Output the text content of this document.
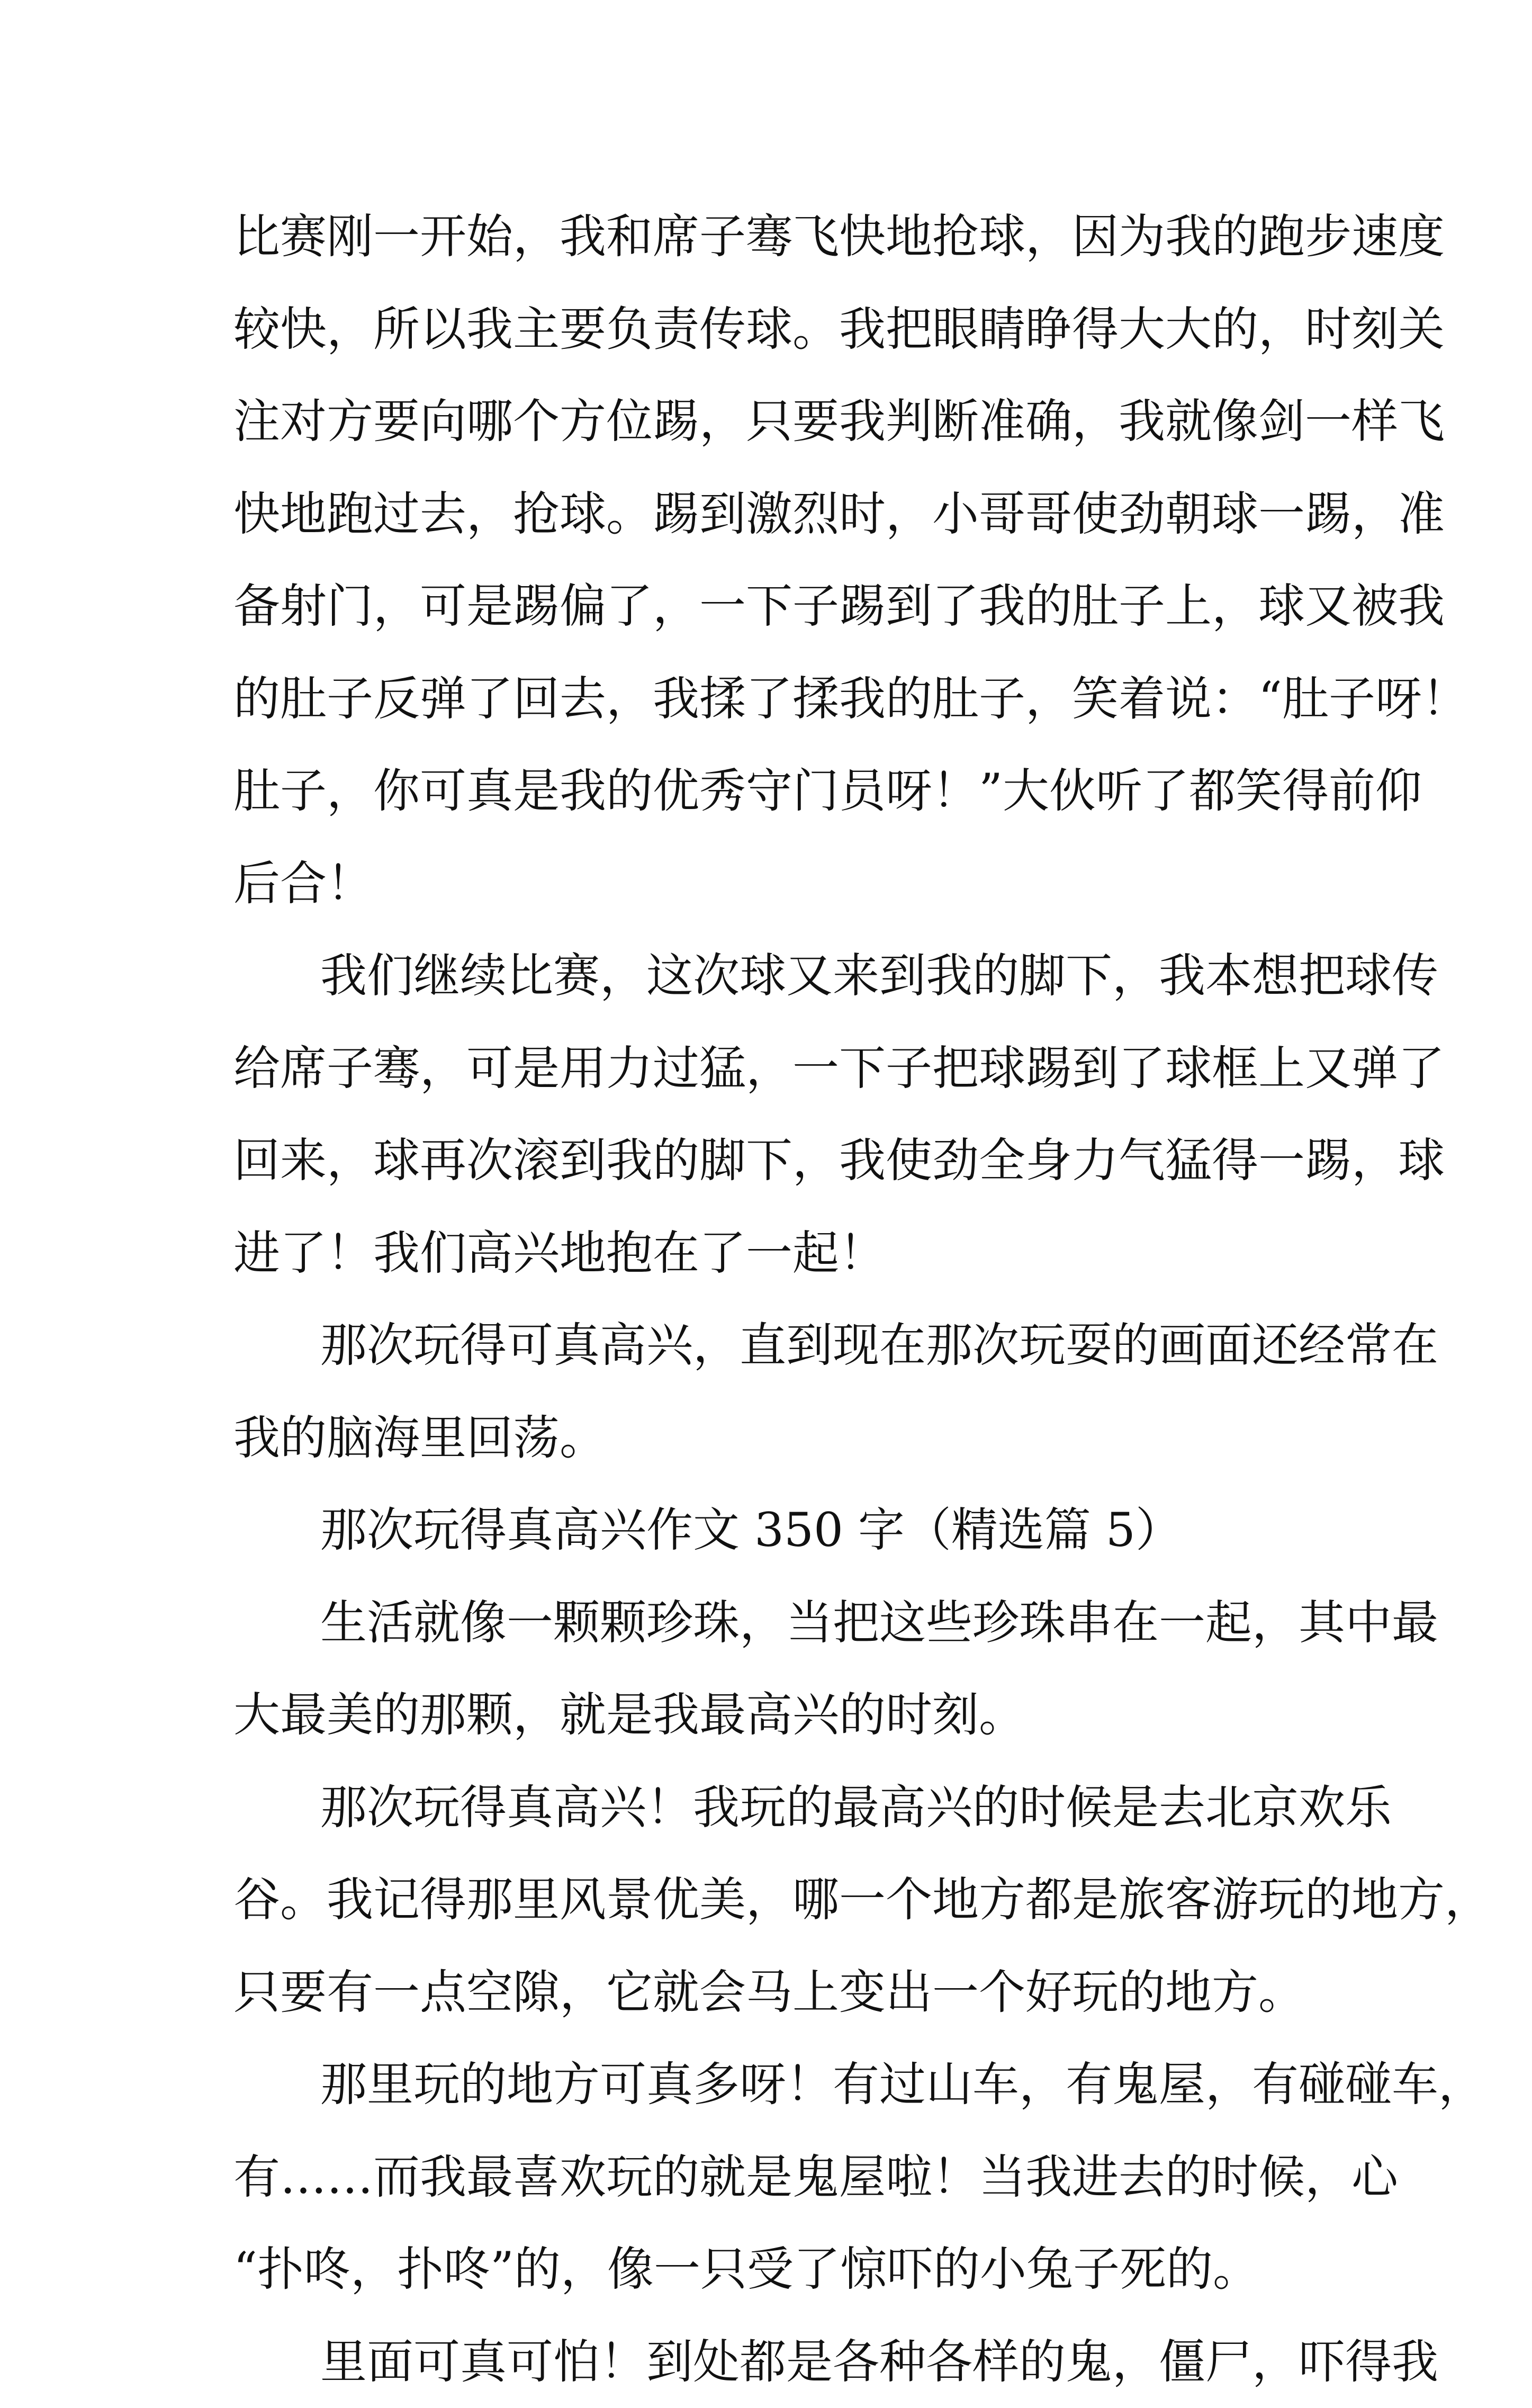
比赛刚一开始，我和席子骞飞快地抢球，因为我的跑步速度
较快，所以我主要负责传球。我把眼睛睁得大大的，时刻关
注对方要向哪个方位踢，只要我判断准确，我就像剑一样飞
快地跑过去，抢球。踢到激烈时，小哥哥使劲朝球一踢，准
备射门，可是踢偏了，一下子踢到了我的肚子上，球又被我
的肚子反弹了回去，我揉了揉我的肚子，笑着说：“肚子呀！
肚子，你可真是我的优秀守门员呀！”大伙听了都笑得前仰
后合！
我们继续比赛，这次球又来到我的脚下，我本想把球传
给席子骞，可是用力过猛，一下子把球踢到了球框上又弹了
回来，球再次滚到我的脚下，我使劲全身力气猛得一踢，球
进了！我们高兴地抱在了一起！
那次玩得可真高兴，直到现在那次玩耍的画面还经常在
我的脑海里回荡。
那次玩得真高兴作文 350 字（精选篇 5）
生活就像一颗颗珍珠，当把这些珍珠串在一起，其中最
大最美的那颗，就是我最高兴的时刻。
那次玩得真高兴！我玩的最高兴的时候是去北京欢乐
谷。我记得那里风景优美，哪一个地方都是旅客游玩的地方，
只要有一点空隙，它就会马上变出一个好玩的地方。
那里玩的地方可真多呀！有过山车，有鬼屋，有碰碰车，
有……而我最喜欢玩的就是鬼屋啦！当我进去的时候，心
“扑咚，扑咚”的，像一只受了惊吓的小兔子死的。
里面可真可怕！到处都是各种各样的鬼，僵尸，吓得我
